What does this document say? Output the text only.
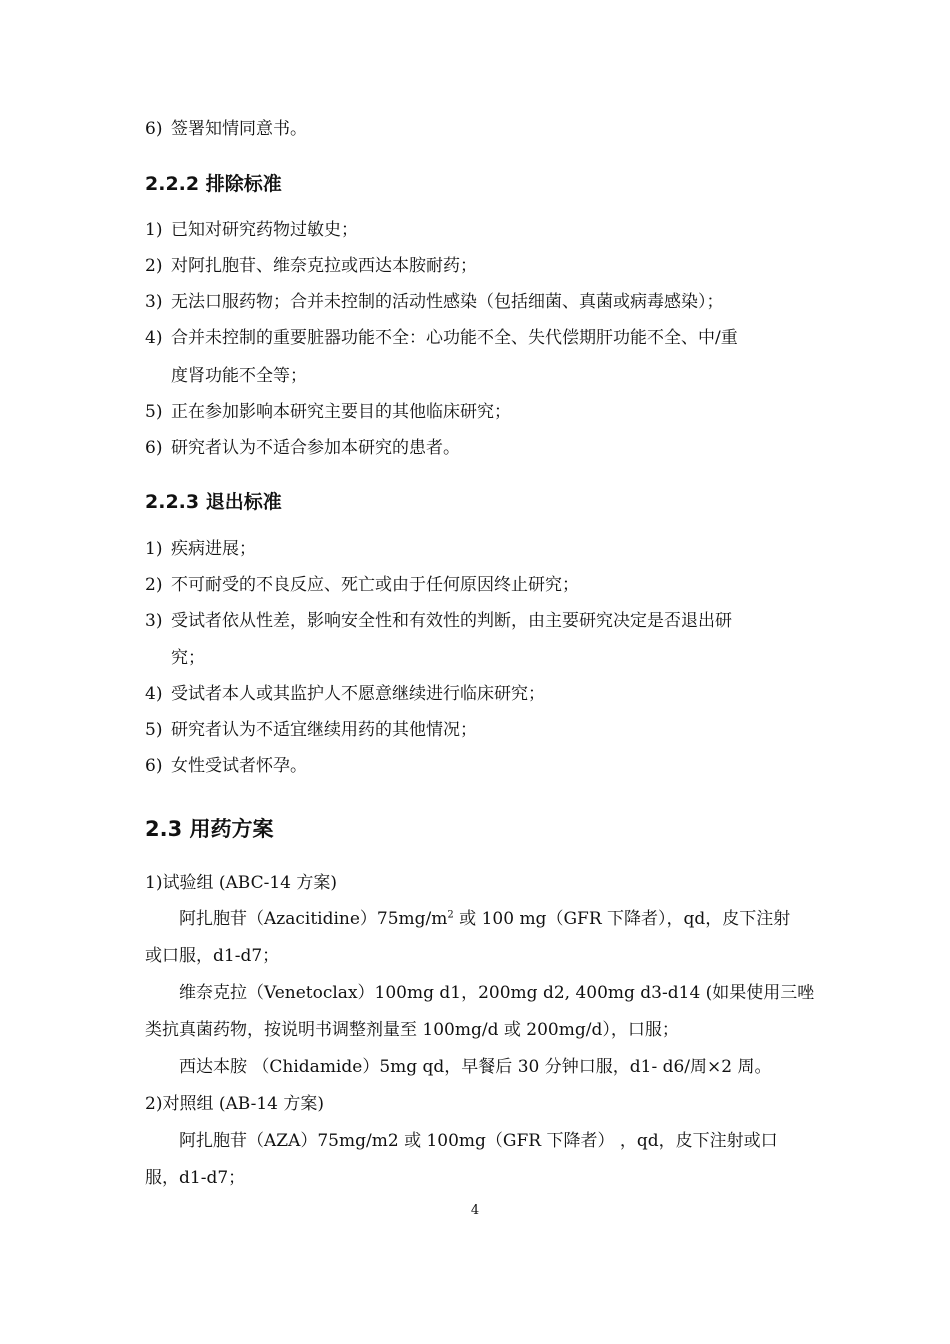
6) 签署知情同意书。
2.2.2 排除标准
1) 已知对研究药物过敏史；
2) 对阿扎胞苷、维奈克拉或西达本胺耐药；
3) 无法口服药物；合并未控制的活动性感染（包括细菌、真菌或病毒感染）；
4) 合并未控制的重要脏器功能不全：心功能不全、失代偿期肝功能不全、中/重
度肾功能不全等；
5) 正在参加影响本研究主要目的其他临床研究；
6) 研究者认为不适合参加本研究的患者。
2.2.3 退出标准
1) 疾病进展；
2) 不可耐受的不良反应、死亡或由于任何原因终止研究；
3) 受试者依从性差，影响安全性和有效性的判断，由主要研究决定是否退出研
究；
4) 受试者本人或其监护人不愿意继续进行临床研究；
5) 研究者认为不适宜继续用药的其他情况；
6) 女性受试者怀孕。
2.3 用药方案
1)试验组 (ABC-14 方案)
阿扎胞苷$(Azacitidine)75mg/m^2$ 或 100 mg（GFR 下降者），qd，皮下注射
或口服，d1-d7；
维奈克拉（Venetoclax）100mg d1，200mg d2, 400mg d3-d14 (如果使用三唑
类抗真菌药物，按说明书调整剂量至 100mg/d 或 200mg/d），口服；
西达本胺 （Chidamide）5mg qd，早餐后 30 分钟口服，d1- d6/周×2 周。
2)对照组 (AB-14 方案)
阿扎胞苷（AZA）75mg/m2 或 100mg（GFR 下降者） ，qd，皮下注射或口
服，d1-d7；
4
